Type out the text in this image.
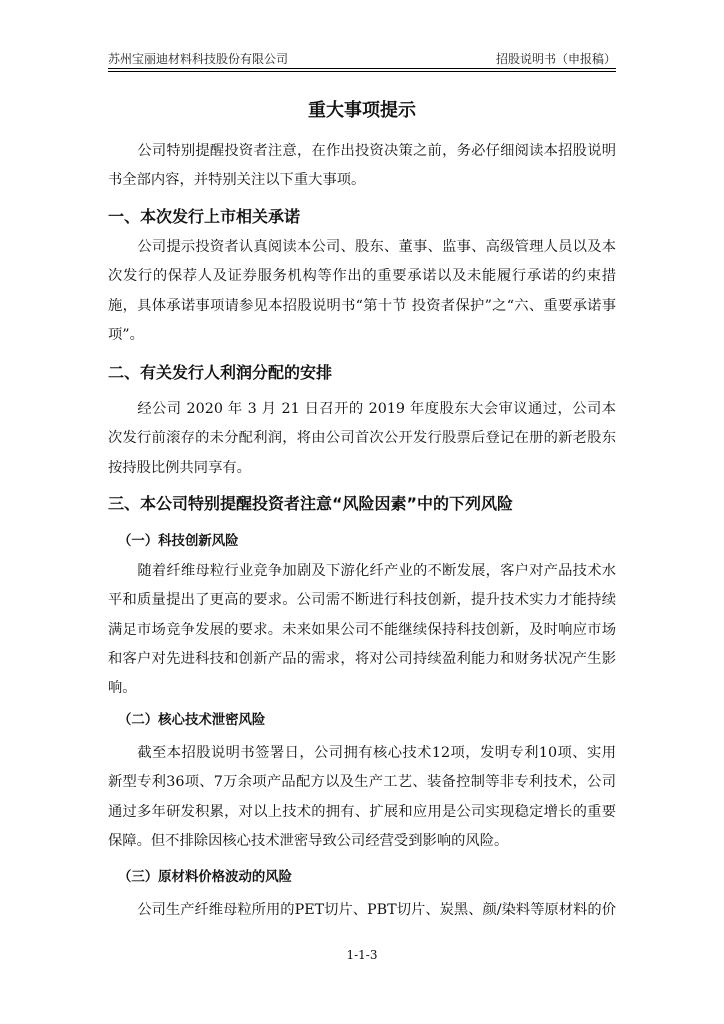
苏州宝丽迪材料科技股份有限公司	招股说明书（申报稿）
重大事项提示

公司特别提醒投资者注意，在作出投资决策之前，务必仔细阅读本招股说明书全部内容，并特别关注以下重大事项。

一、本次发行上市相关承诺

公司提示投资者认真阅读本公司、股东、董事、监事、高级管理人员以及本次发行的保荐人及证券服务机构等作出的重要承诺以及未能履行承诺的约束措施，具体承诺事项请参见本招股说明书“第十节 投资者保护”之“六、重要承诺事项”。

二、有关发行人利润分配的安排

经公司 2020 年 3 月 21 日召开的 2019 年度股东大会审议通过，公司本次发行前滚存的未分配利润，将由公司首次公开发行股票后登记在册的新老股东按持股比例共同享有。

三、本公司特别提醒投资者注意“风险因素”中的下列风险

（一）科技创新风险

随着纤维母粒行业竞争加剧及下游化纤产业的不断发展，客户对产品技术水平和质量提出了更高的要求。公司需不断进行科技创新，提升技术实力才能持续满足市场竞争发展的要求。未来如果公司不能继续保持科技创新，及时响应市场和客户对先进科技和创新产品的需求，将对公司持续盈利能力和财务状况产生影响。

（二）核心技术泄密风险

截至本招股说明书签署日，公司拥有核心技术12项，发明专利10项、实用新型专利36项、7万余项产品配方以及生产工艺、装备控制等非专利技术，公司通过多年研发积累，对以上技术的拥有、扩展和应用是公司实现稳定增长的重要保障。但不排除因核心技术泄密导致公司经营受到影响的风险。

（三）原材料价格波动的风险

公司生产纤维母粒所用的PET切片、PBT切片、炭黑、颜/染料等原材料的价

1-1-3
